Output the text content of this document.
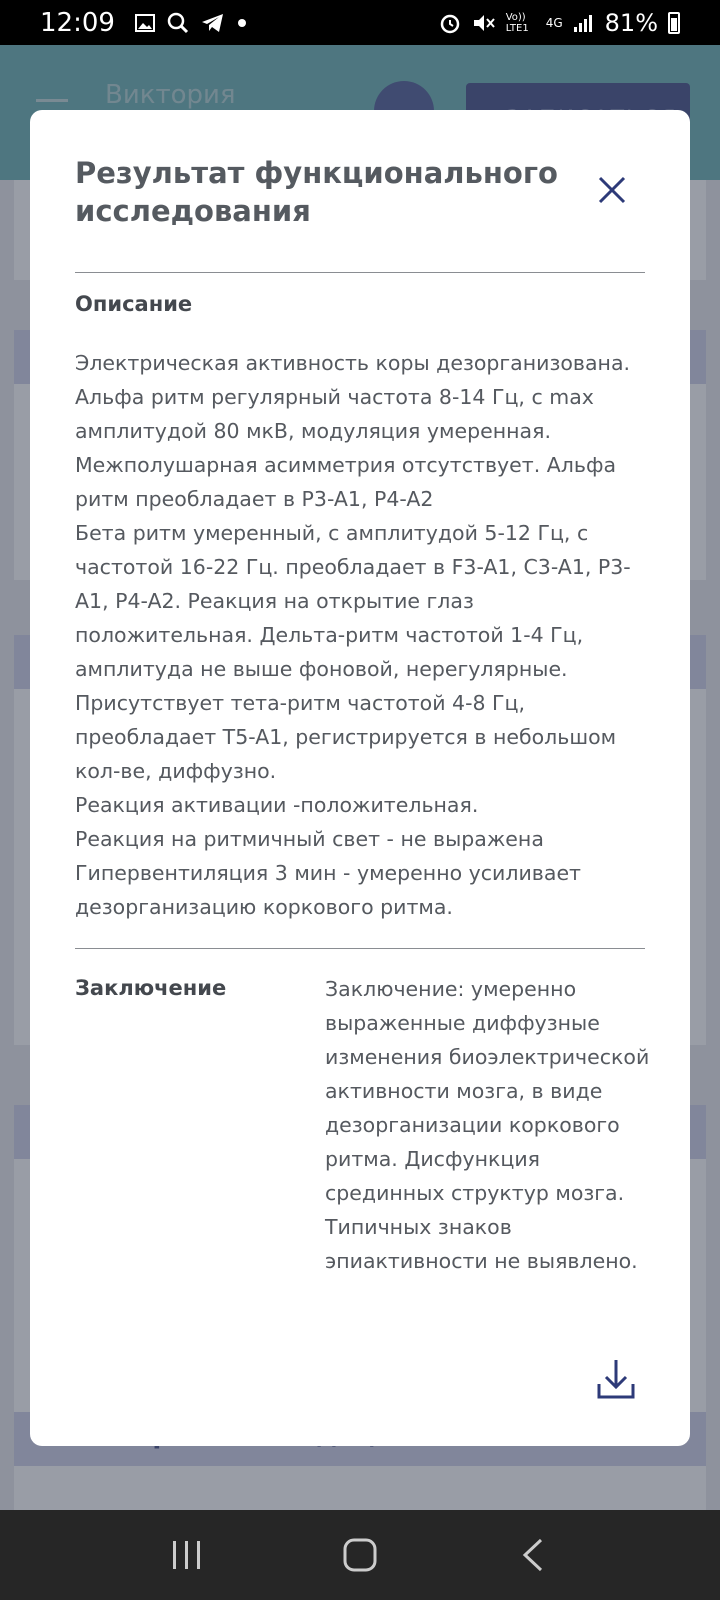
12:09	Vo)) LTE1	4G 81%
Результат функционального исследования
Описание
Электрическая активность коры дезорганизована. Альфа ритм регулярный частота 8-14 Гц, с max амплитудой 80 мкВ, модуляция умеренная. Межполушарная асимметрия отсутствует. Альфа ритм преобладает в P3-A1, P4-A2
Бета ритм умеренный, с амплитудой 5-12 Гц, с частотой 16-22 Гц. преобладает в F3-A1, C3-A1, P3-A1, P4-A2. Реакция на открытие глаз положительная. Дельта-ритм частотой 1-4 Гц, амплитуда не выше фоновой, нерегулярные. Присутствует тета-ритм частотой 4-8 Гц, преобладает T5-A1, регистрируется в небольшом кол-ве, диффузно.
Реакция активации -положительная.
Реакция на ритмичный свет - не выражена
Гипервентиляция 3 мин - умеренно усиливает дезорганизацию коркового ритма.
Заключение	Заключение: умеренно выраженные диффузные изменения биоэлектрической активности мозга, в виде дезорганизации коркового ритма. Дисфункция срединных структур мозга. Типичных знаков эпиактивности не выявлено.
